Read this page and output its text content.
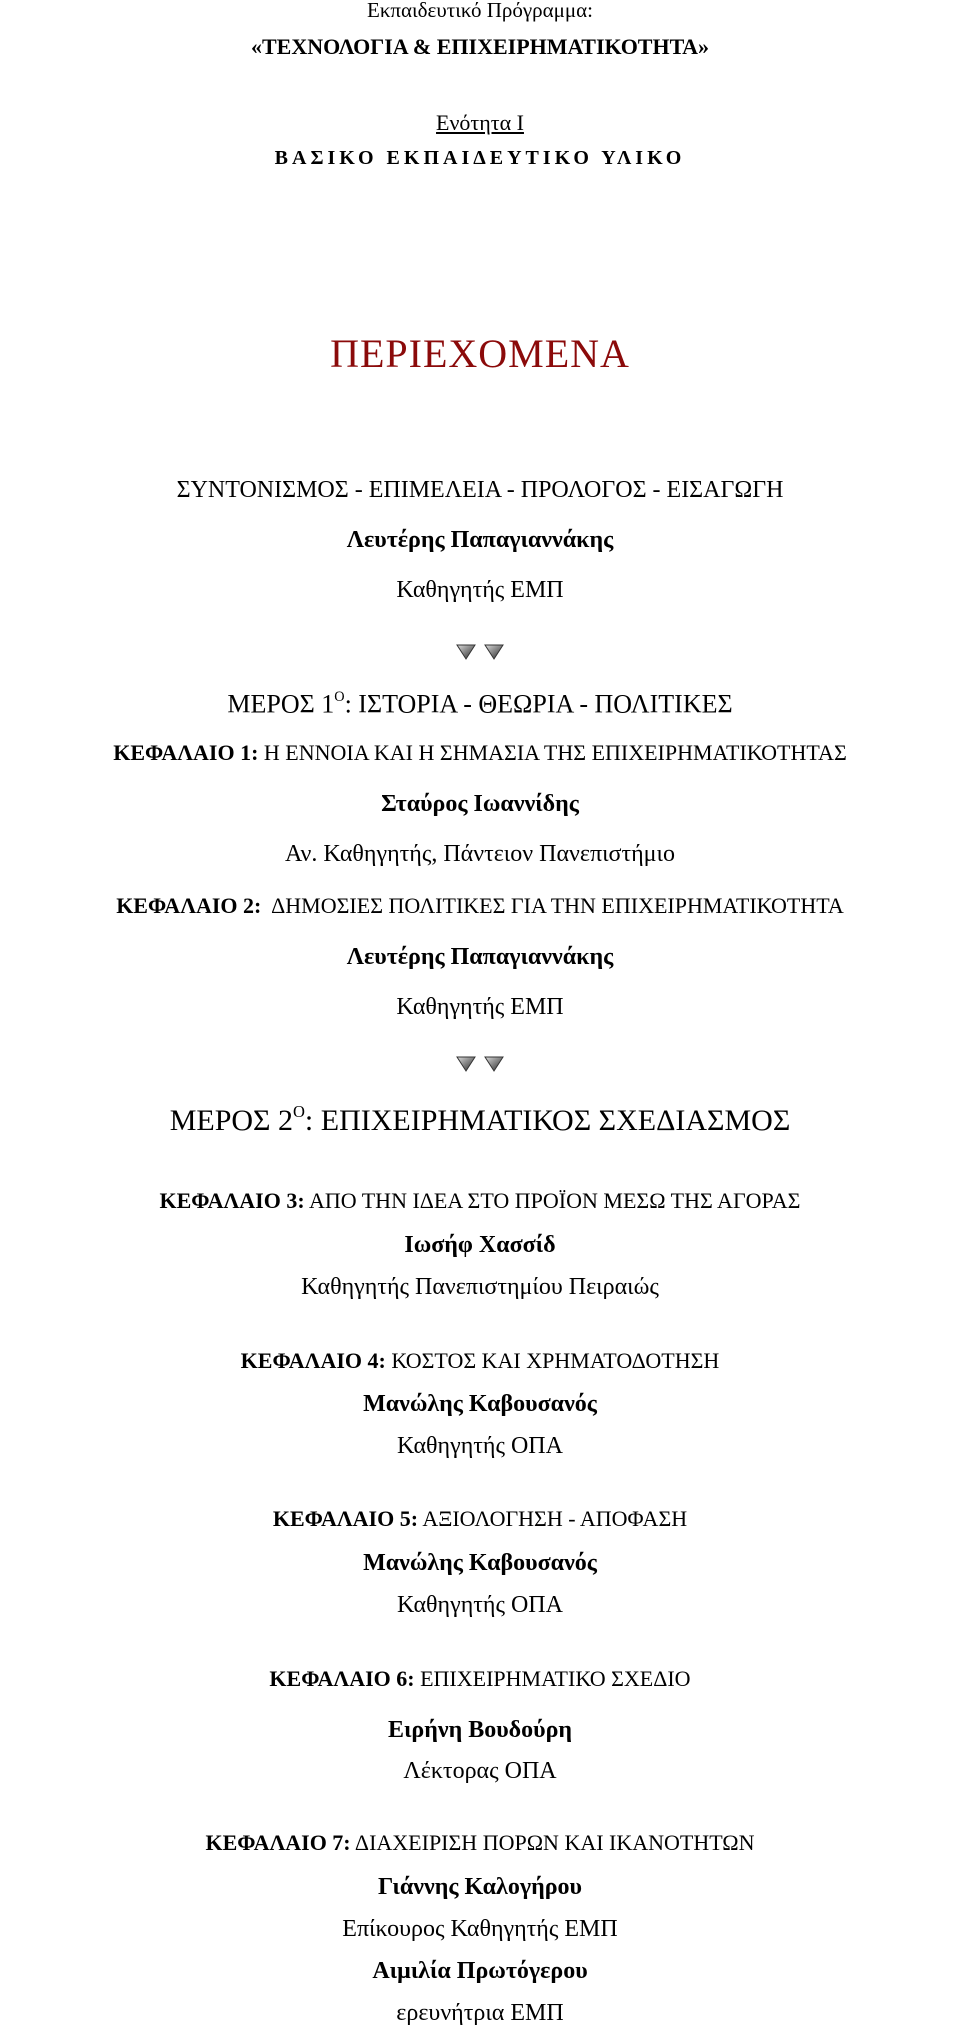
Εκπαιδευτικό Πρόγραμμα:
«ΤΕΧΝΟΛΟΓΙΑ & ΕΠΙΧΕΙΡΗΜΑΤΙΚΟΤΗΤΑ»
Ενότητα Ι
ΒΑΣΙΚΟ ΕΚΠΑΙΔΕΥΤΙΚΟ ΥΛΙΚΟ
ΠΕΡΙΕΧΟΜΕΝΑ
ΣΥΝΤΟΝΙΣΜΟΣ - ΕΠΙΜΕΛΕΙΑ - ΠΡΟΛΟΓΟΣ - ΕΙΣΑΓΩΓΗ
Λευτέρης Παπαγιαννάκης
Καθηγητής ΕΜΠ
ΜΕΡΟΣ $1^O$: ΙΣΤΟΡΙΑ - ΘΕΩΡΙΑ - ΠΟΛΙΤΙΚΕΣ
ΚΕΦΑΛΑΙΟ 1: Η ΕΝΝΟΙΑ ΚΑΙ Η ΣΗΜΑΣΙΑ ΤΗΣ ΕΠΙΧΕΙΡΗΜΑΤΙΚΟΤΗΤΑΣ
Σταύρος Ιωαννίδης
Αν. Καθηγητής, Πάντειον Πανεπιστήμιο
ΚΕΦΑΛΑΙΟ 2:  ΔΗΜΟΣΙΕΣ ΠΟΛΙΤΙΚΕΣ ΓΙΑ ΤΗΝ ΕΠΙΧΕΙΡΗΜΑΤΙΚΟΤΗΤΑ
Λευτέρης Παπαγιαννάκης
Καθηγητής ΕΜΠ
ΜΕΡΟΣ $2^O$: ΕΠΙΧΕΙΡΗΜΑΤΙΚΟΣ ΣΧΕΔΙΑΣΜΟΣ
ΚΕΦΑΛΑΙΟ 3: ΑΠΟ ΤΗΝ ΙΔΕΑ ΣΤΟ ΠΡΟΪΟΝ ΜΕΣΩ ΤΗΣ ΑΓΟΡΑΣ
Ιωσήφ Χασσίδ
Καθηγητής Πανεπιστημίου Πειραιώς
ΚΕΦΑΛΑΙΟ 4: ΚΟΣΤΟΣ ΚΑΙ ΧΡΗΜΑΤΟΔΟΤΗΣΗ
Μανώλης Καβουσανός
Καθηγητής ΟΠΑ
ΚΕΦΑΛΑΙΟ 5: ΑΞΙΟΛΟΓΗΣΗ - ΑΠΟΦΑΣΗ
Μανώλης Καβουσανός
Καθηγητής ΟΠΑ
ΚΕΦΑΛΑΙΟ 6: ΕΠΙΧΕΙΡΗΜΑΤΙΚΟ ΣΧΕΔΙΟ
Ειρήνη Βουδούρη
Λέκτορας ΟΠΑ
ΚΕΦΑΛΑΙΟ 7: ΔΙΑΧΕΙΡΙΣΗ ΠΟΡΩΝ ΚΑΙ ΙΚΑΝΟΤΗΤΩΝ
Γιάννης Καλογήρου
Επίκουρος Καθηγητής ΕΜΠ
Αιμιλία Πρωτόγερου
ερευνήτρια ΕΜΠ
